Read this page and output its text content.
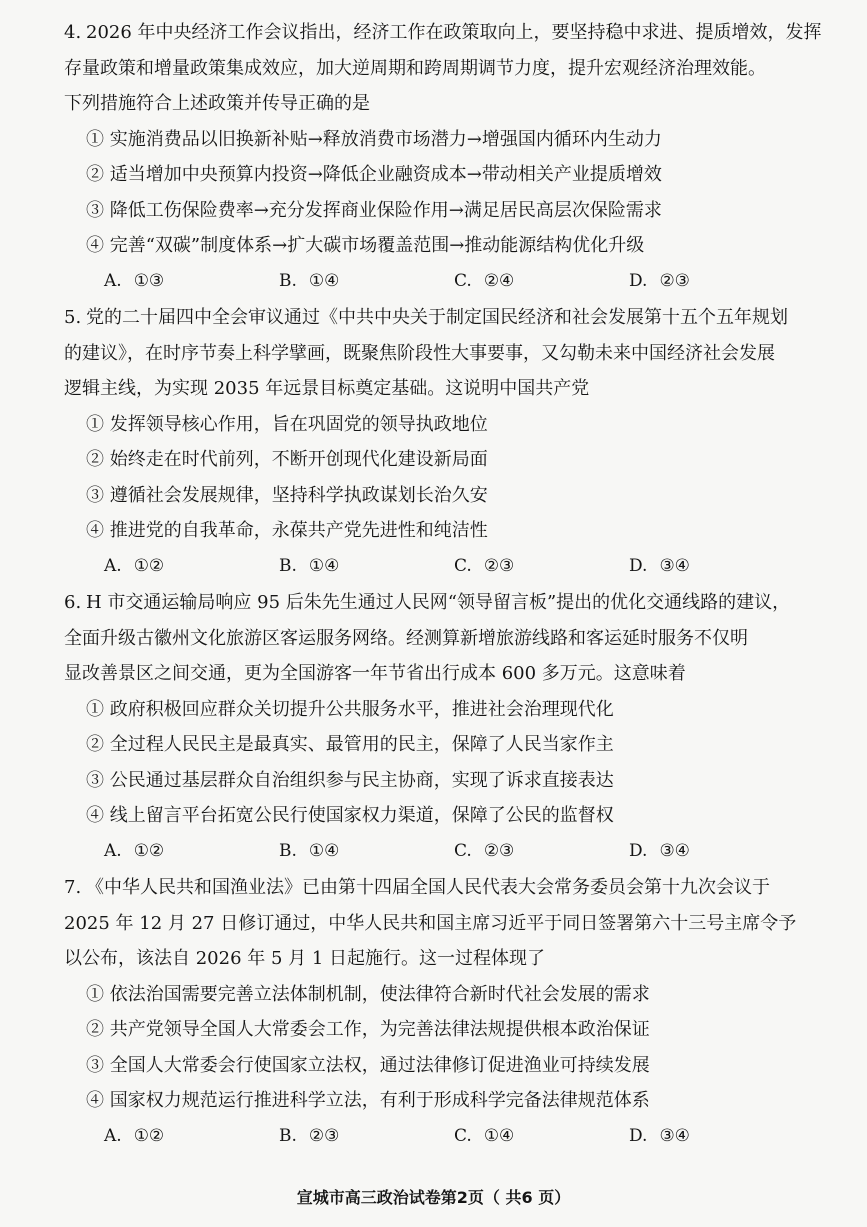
4. 2026 年中央经济工作会议指出，经济工作在政策取向上，要坚持稳中求进、提质增效，发挥
存量政策和增量政策集成效应，加大逆周期和跨周期调节力度，提升宏观经济治理效能。
下列措施符合上述政策并传导正确的是
① 实施消费品以旧换新补贴→释放消费市场潜力→增强国内循环内生动力
② 适当增加中央预算内投资→降低企业融资成本→带动相关产业提质增效
③ 降低工伤保险费率→充分发挥商业保险作用→满足居民高层次保险需求
④ 完善“双碳”制度体系→扩大碳市场覆盖范围→推动能源结构优化升级
A. ①③	B. ①④	C. ②④	D. ②③
5. 党的二十届四中全会审议通过《中共中央关于制定国民经济和社会发展第十五个五年规划
的建议》，在时序节奏上科学擘画，既聚焦阶段性大事要事，又勾勒未来中国经济社会发展
逻辑主线，为实现 2035 年远景目标奠定基础。这说明中国共产党
① 发挥领导核心作用，旨在巩固党的领导执政地位
② 始终走在时代前列，不断开创现代化建设新局面
③ 遵循社会发展规律，坚持科学执政谋划长治久安
④ 推进党的自我革命，永葆共产党先进性和纯洁性
A. ①②	B. ①④	C. ②③	D. ③④
6. H 市交通运输局响应 95 后朱先生通过人民网“领导留言板”提出的优化交通线路的建议，
全面升级古徽州文化旅游区客运服务网络。经测算新增旅游线路和客运延时服务不仅明
显改善景区之间交通，更为全国游客一年节省出行成本 600 多万元。这意味着
① 政府积极回应群众关切提升公共服务水平，推进社会治理现代化
② 全过程人民民主是最真实、最管用的民主，保障了人民当家作主
③ 公民通过基层群众自治组织参与民主协商，实现了诉求直接表达
④ 线上留言平台拓宽公民行使国家权力渠道，保障了公民的监督权
A. ①②	B. ①④	C. ②③	D. ③④
7. 《中华人民共和国渔业法》已由第十四届全国人民代表大会常务委员会第十九次会议于
2025 年 12 月 27 日修订通过，中华人民共和国主席习近平于同日签署第六十三号主席令予
以公布，该法自 2026 年 5 月 1 日起施行。这一过程体现了
① 依法治国需要完善立法体制机制，使法律符合新时代社会发展的需求
② 共产党领导全国人大常委会工作，为完善法律法规提供根本政治保证
③ 全国人大常委会行使国家立法权，通过法律修订促进渔业可持续发展
④ 国家权力规范运行推进科学立法，有利于形成科学完备法律规范体系
A. ①②	B. ②③	C. ①④	D. ③④
宣城市高三政治试卷第2页（ 共6 页）
